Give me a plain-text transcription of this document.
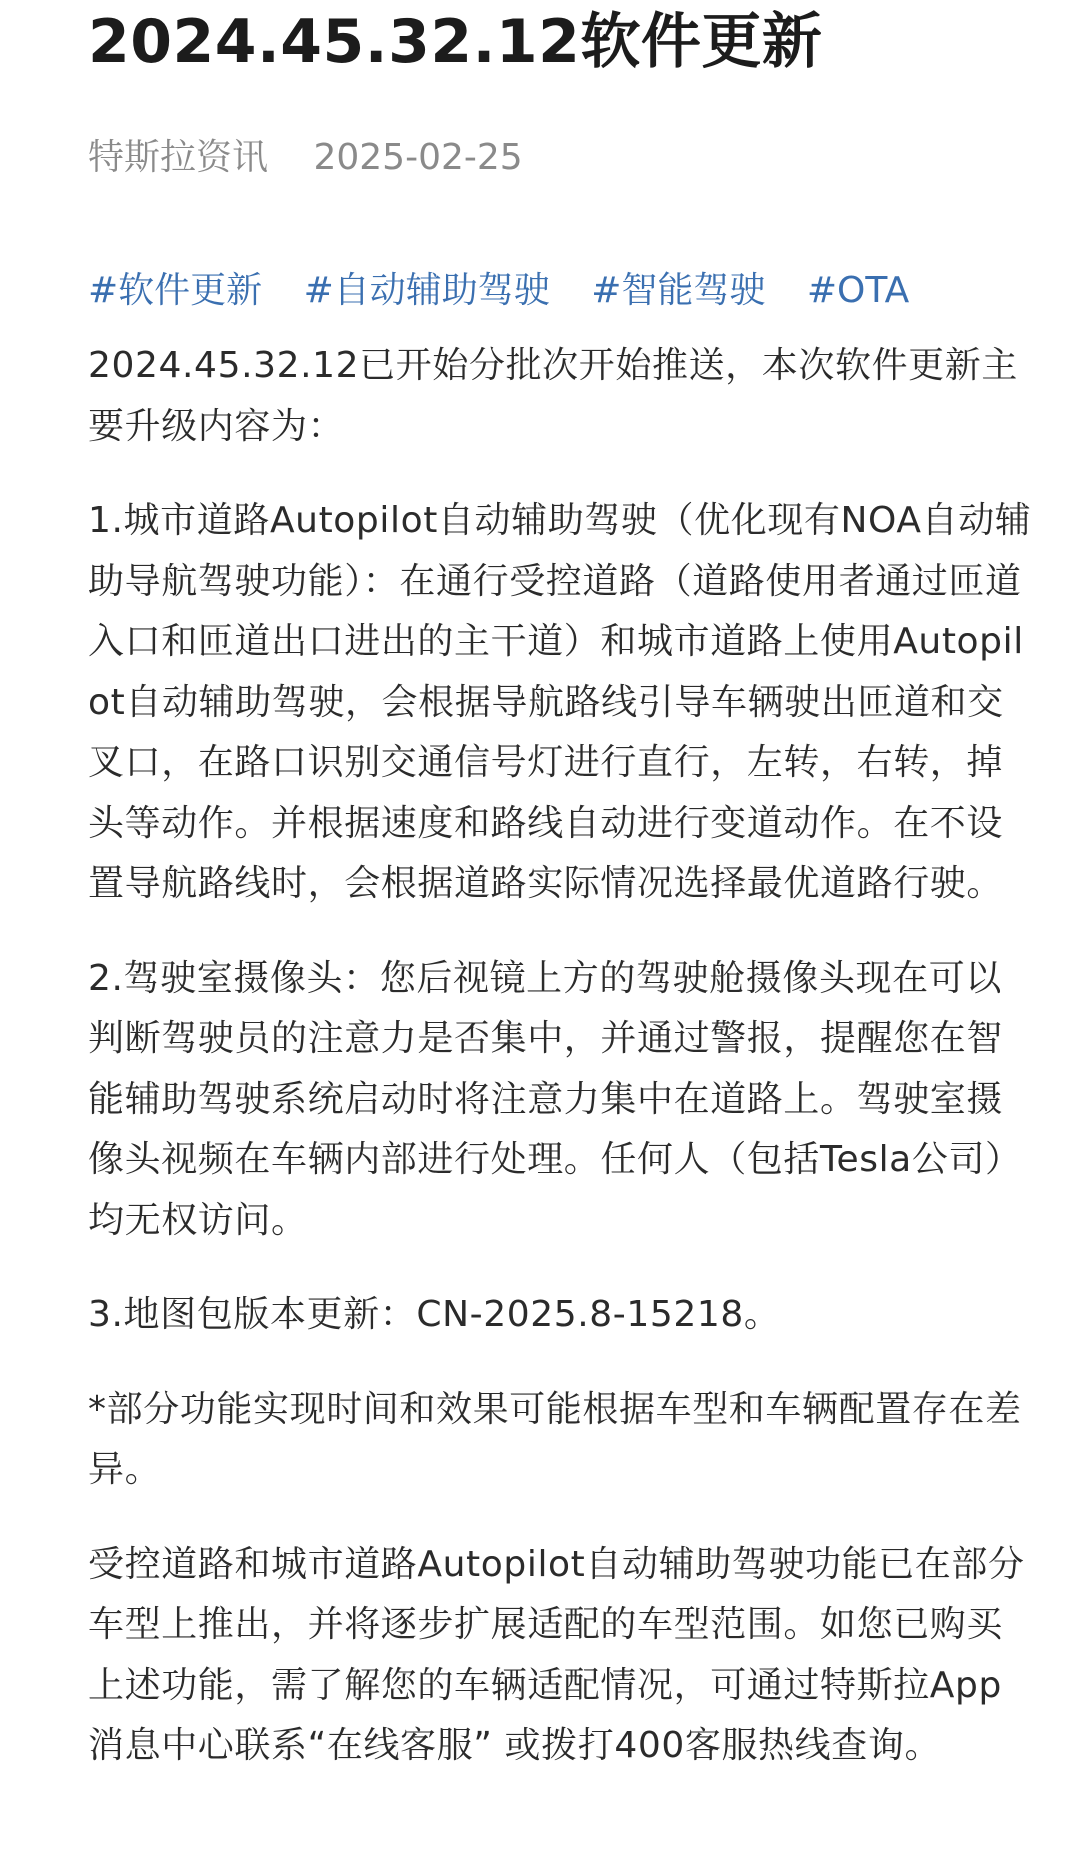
2024.45.32.12软件更新
特斯拉资讯 2025-02-25
#软件更新 #自动辅助驾驶 #智能驾驶 #OTA

2024.45.32.12已开始分批次开始推送，本次软件更新主要升级内容为：

1.城市道路Autopilot自动辅助驾驶（优化现有NOA自动辅助导航驾驶功能）：在通行受控道路（道路使用者通过匝道入口和匝道出口进出的主干道）和城市道路上使用Autopilot自动辅助驾驶，会根据导航路线引导车辆驶出匝道和交叉口，在路口识别交通信号灯进行直行，左转，右转，掉头等动作。并根据速度和路线自动进行变道动作。在不设置导航路线时，会根据道路实际情况选择最优道路行驶。

2.驾驶室摄像头：您后视镜上方的驾驶舱摄像头现在可以判断驾驶员的注意力是否集中，并通过警报，提醒您在智能辅助驾驶系统启动时将注意力集中在道路上。驾驶室摄像头视频在车辆内部进行处理。任何人（包括Tesla公司）均无权访问。

3.地图包版本更新：CN-2025.8-15218。

*部分功能实现时间和效果可能根据车型和车辆配置存在差异。

受控道路和城市道路Autopilot自动辅助驾驶功能已在部分车型上推出，并将逐步扩展适配的车型范围。如您已购买上述功能，需了解您的车辆适配情况，可通过特斯拉App消息中心联系“在线客服” 或拨打400客服热线查询。
